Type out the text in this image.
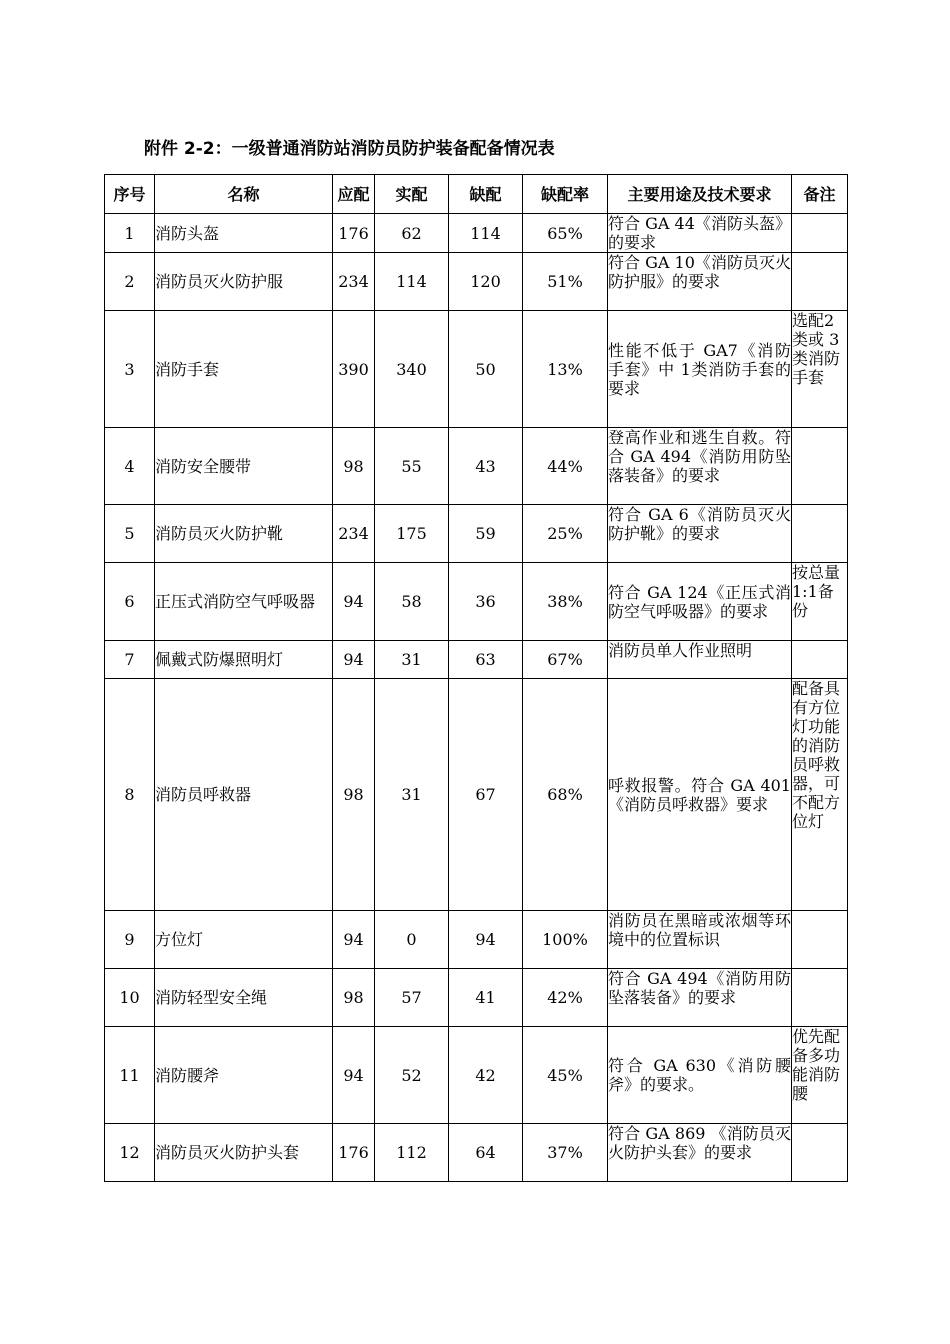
附件 2-2：一级普通消防站消防员防护装备配备情况表
序号	名称	应配	实配	缺配	缺配率	主要用途及技术要求	备注
1	消防头盔	176	62	114	65%	符合 GA 44《消防头盔》的要求	
2	消防员灭火防护服	234	114	120	51%	符合 GA 10《消防员灭火防护服》的要求	
3	消防手套	390	340	50	13%	性能不低于 GA7《消防手套》中 1类消防手套的要求	选配2 类或 3类消防手套
4	消防安全腰带	98	55	43	44%	登高作业和逃生自救。符合 GA 494《消防用防坠落装备》的要求	
5	消防员灭火防护靴	234	175	59	25%	符合 GA 6《消防员灭火防护靴》的要求	
6	正压式消防空气呼吸器	94	58	36	38%	符合 GA 124《正压式消防空气呼吸器》的要求	按总量1:1备份
7	佩戴式防爆照明灯	94	31	63	67%	消防员单人作业照明	
8	消防员呼救器	98	31	67	68%	呼救报警。符合 GA 401《消防员呼救器》要求	配备具有方位灯功能的消防员呼救器，可不配方位灯
9	方位灯	94	0	94	100%	消防员在黑暗或浓烟等环境中的位置标识	
10	消防轻型安全绳	98	57	41	42%	符合 GA 494《消防用防坠落装备》的要求	
11	消防腰斧	94	52	42	45%	符合 GA 630《消防腰斧》的要求。	优先配备多功能消防腰
12	消防员灭火防护头套	176	112	64	37%	符合 GA 869 《消防员灭火防护头套》的要求	
